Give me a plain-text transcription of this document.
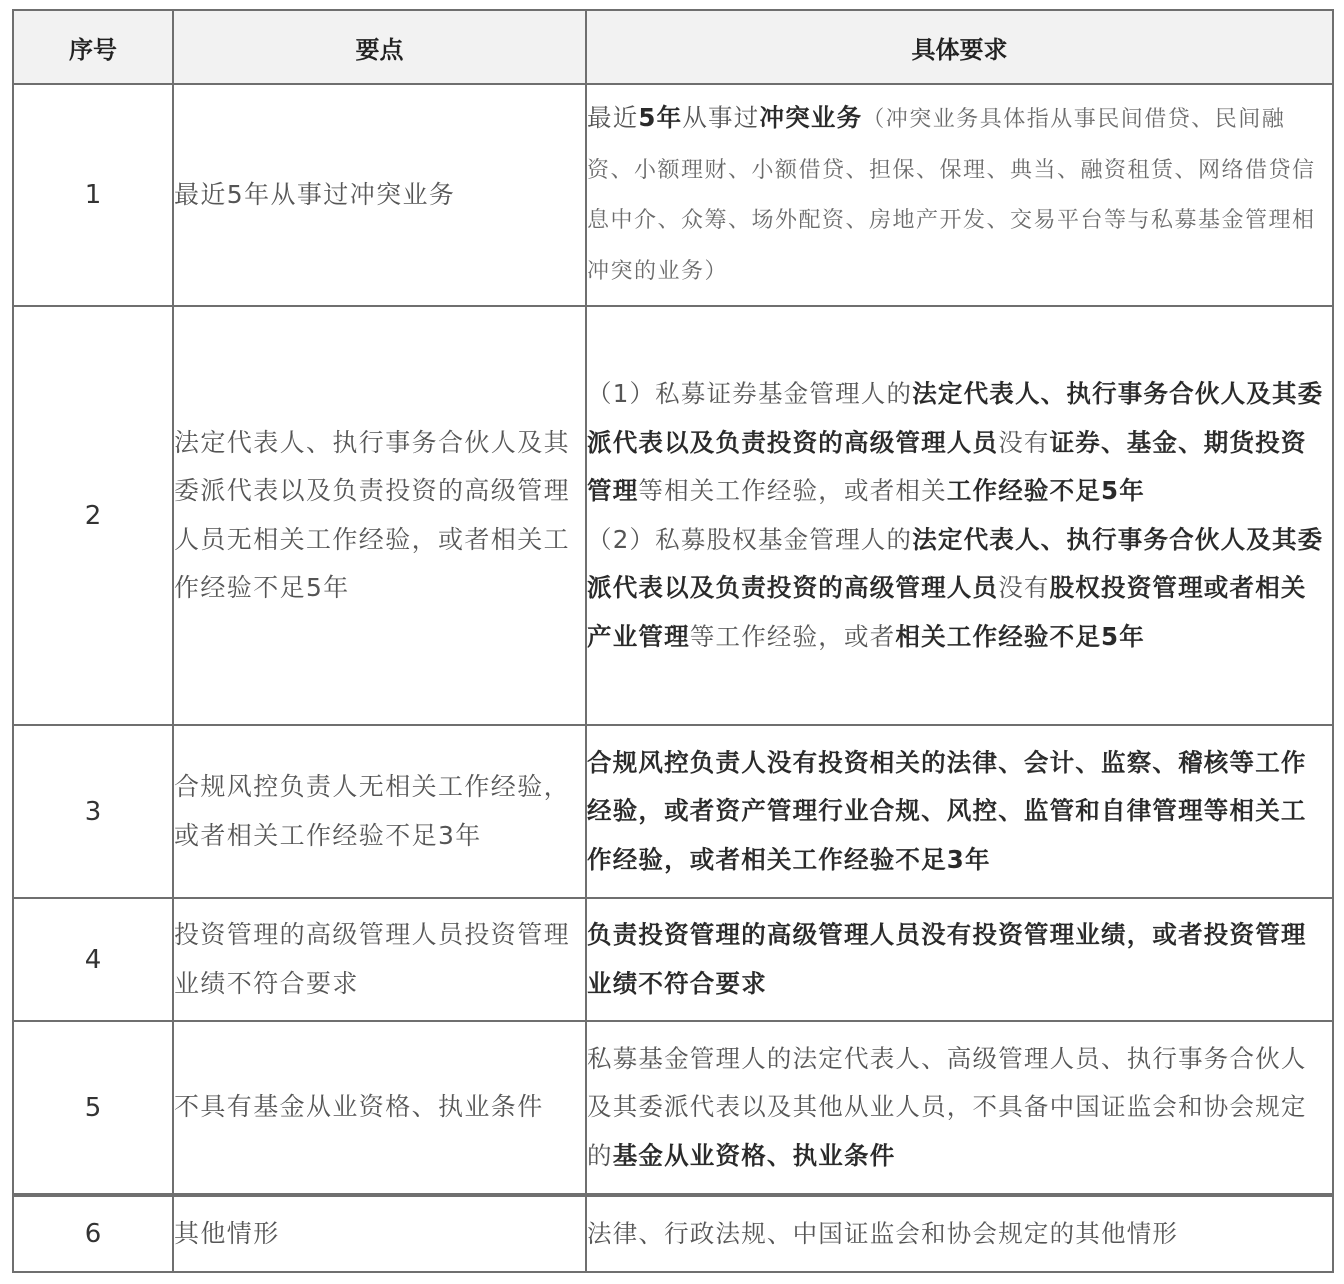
序号	要点	具体要求
1	最近5年从事过冲突业务	最近5年从事过冲突业务（冲突业务具体指从事民间借贷、民间融资、小额理财、小额借贷、担保、保理、典当、融资租赁、网络借贷信息中介、众筹、场外配资、房地产开发、交易平台等与私募基金管理相冲突的业务）
2	法定代表人、执行事务合伙人及其委派代表以及负责投资的高级管理人员无相关工作经验，或者相关工作经验不足5年	（1）私募证券基金管理人的法定代表人、执行事务合伙人及其委派代表以及负责投资的高级管理人员没有证券、基金、期货投资管理等相关工作经验，或者相关工作经验不足5年
（2）私募股权基金管理人的法定代表人、执行事务合伙人及其委派代表以及负责投资的高级管理人员没有股权投资管理或者相关产业管理等工作经验，或者相关工作经验不足5年

3	合规风控负责人无相关工作经验，或者相关工作经验不足3年	合规风控负责人没有投资相关的法律、会计、监察、稽核等工作经验，或者资产管理行业合规、风控、监管和自律管理等相关工作经验，或者相关工作经验不足3年
4	投资管理的高级管理人员投资管理业绩不符合要求	负责投资管理的高级管理人员没有投资管理业绩，或者投资管理业绩不符合要求
5	不具有基金从业资格、执业条件	私募基金管理人的法定代表人、高级管理人员、执行事务合伙人及其委派代表以及其他从业人员，不具备中国证监会和协会规定的基金从业资格、执业条件
6	其他情形	法律、行政法规、中国证监会和协会规定的其他情形
